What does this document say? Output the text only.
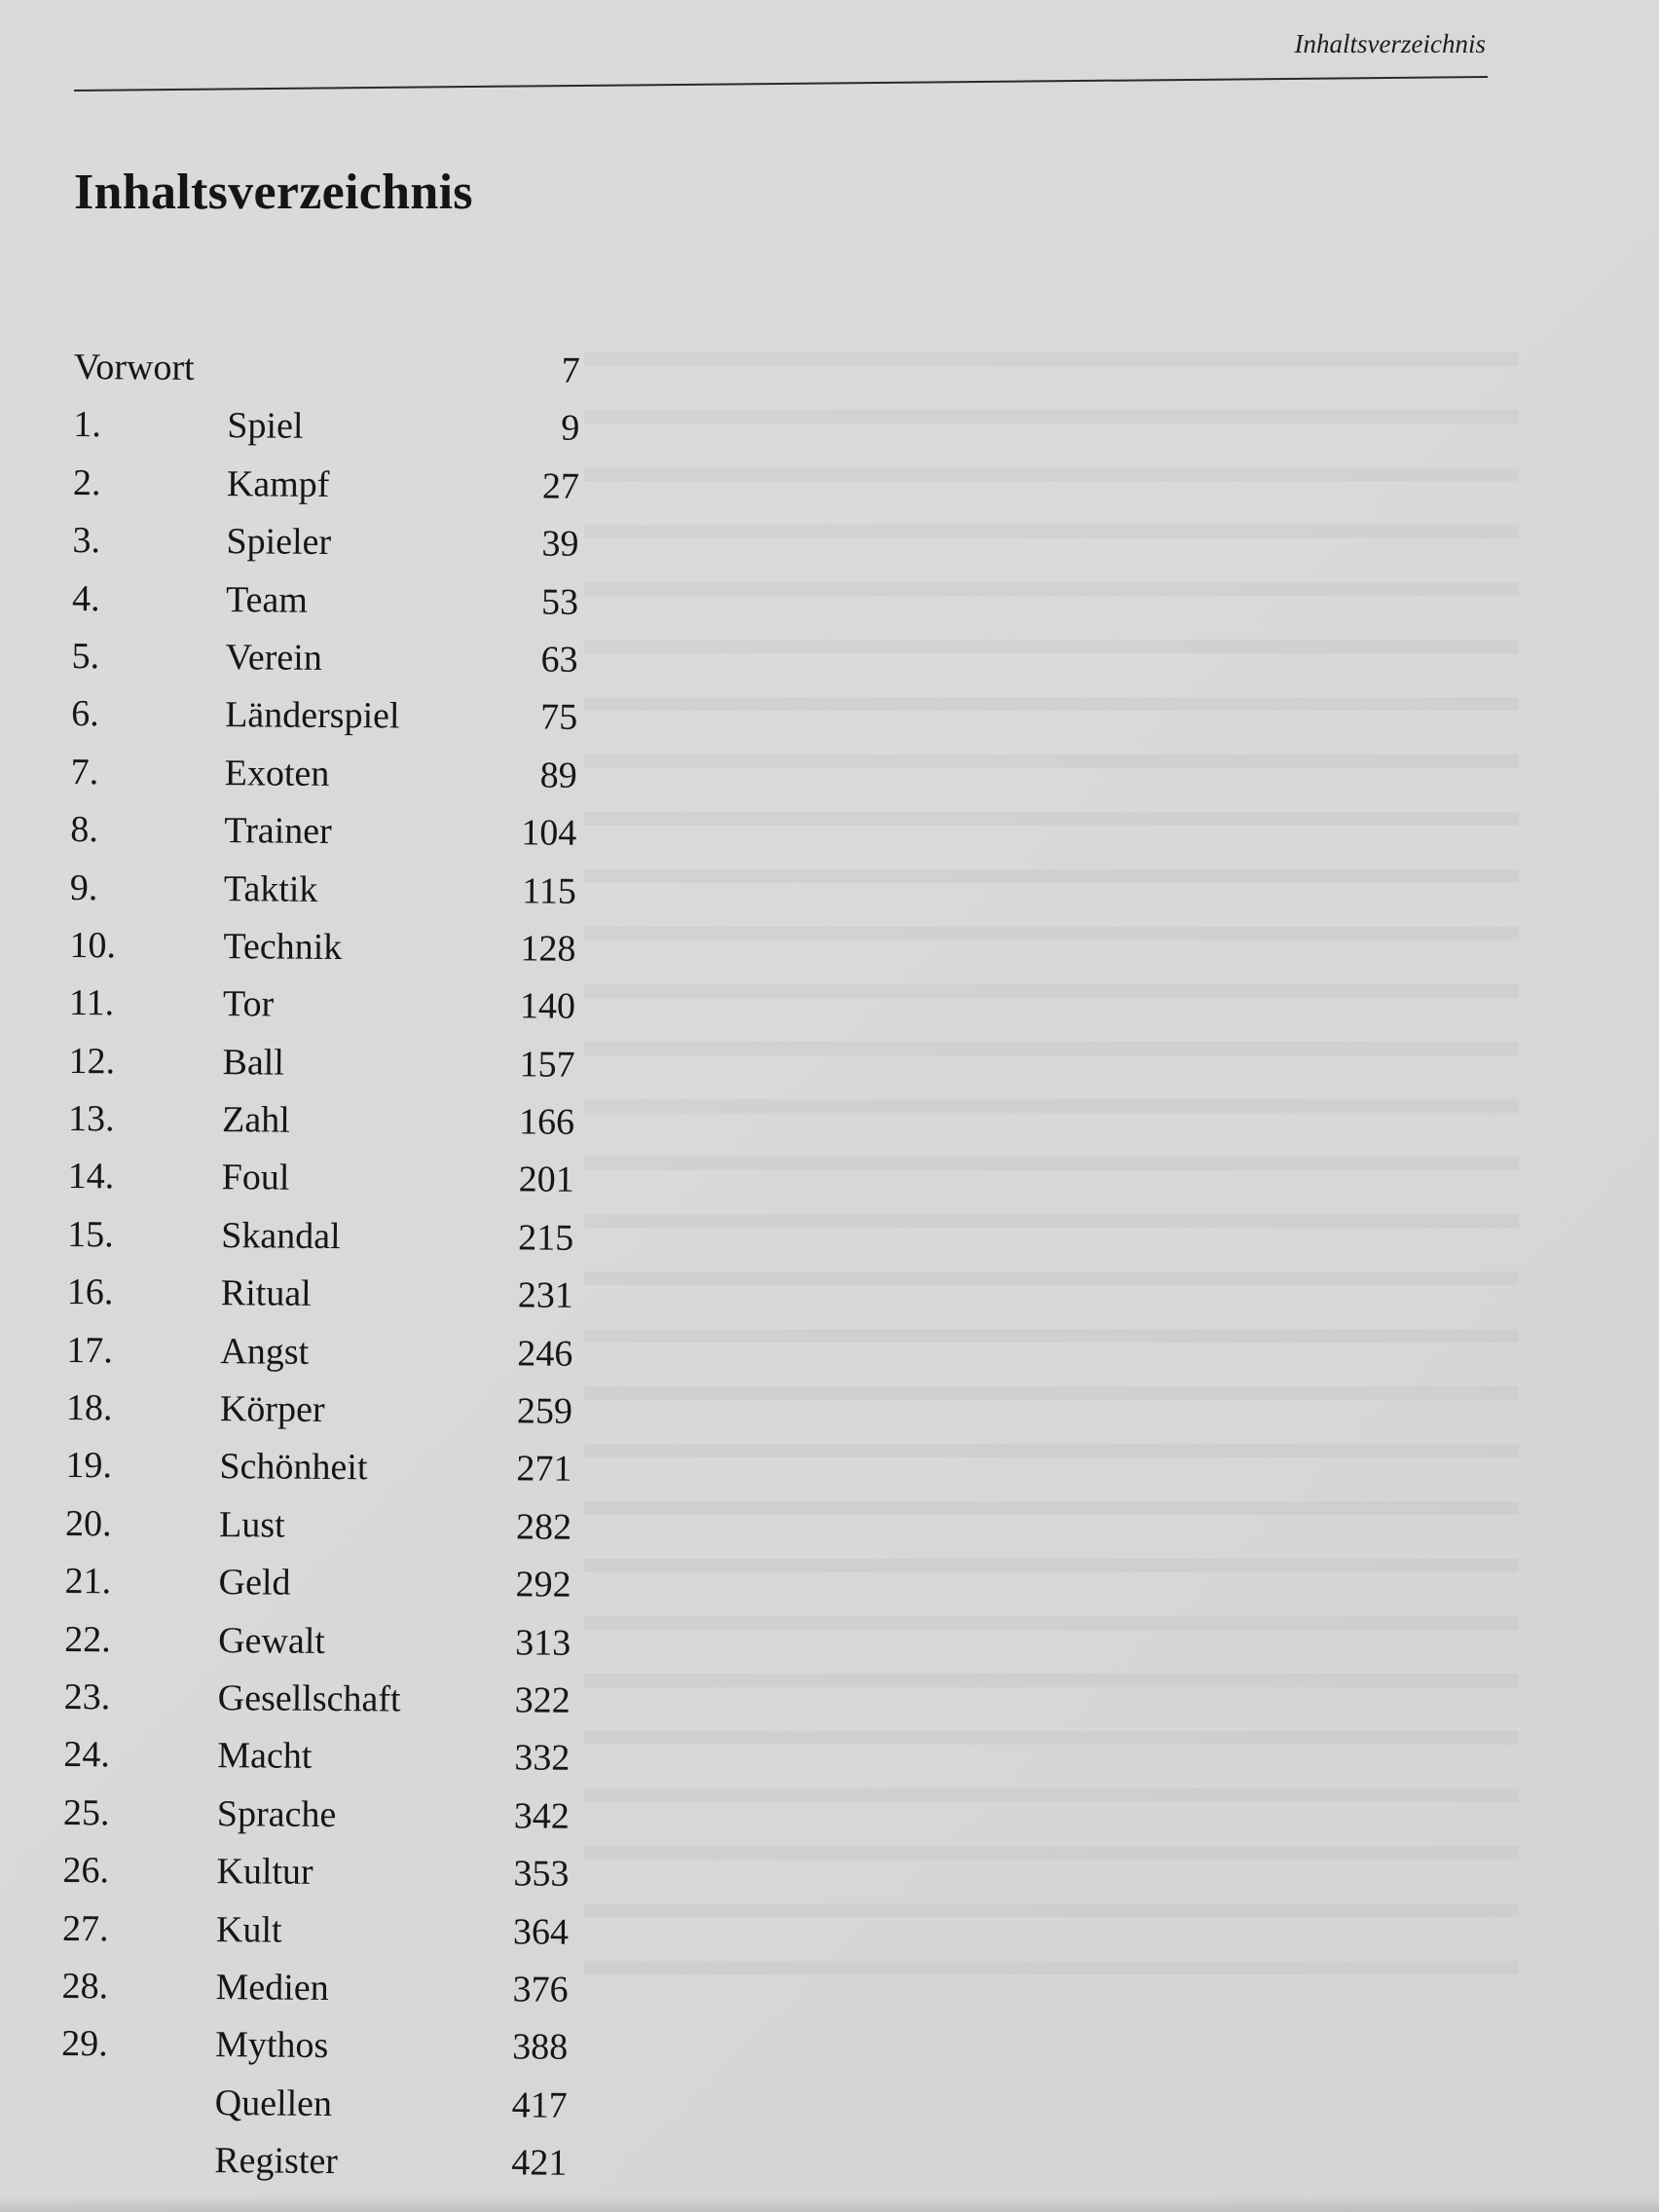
Inhaltsverzeichnis
Inhaltsverzeichnis
Vorwort	7
1.	Spiel	9
2.	Kampf	27
3.	Spieler	39
4.	Team	53
5.	Verein	63
6.	Länderspiel	75
7.	Exoten	89
8.	Trainer	104
9.	Taktik	115
10.	Technik	128
11.	Tor	140
12.	Ball	157
13.	Zahl	166
14.	Foul	201
15.	Skandal	215
16.	Ritual	231
17.	Angst	246
18.	Körper	259
19.	Schönheit	271
20.	Lust	282
21.	Geld	292
22.	Gewalt	313
23.	Gesellschaft	322
24.	Macht	332
25.	Sprache	342
26.	Kultur	353
27.	Kult	364
28.	Medien	376
29.	Mythos	388
Quellen	417
Register	421
